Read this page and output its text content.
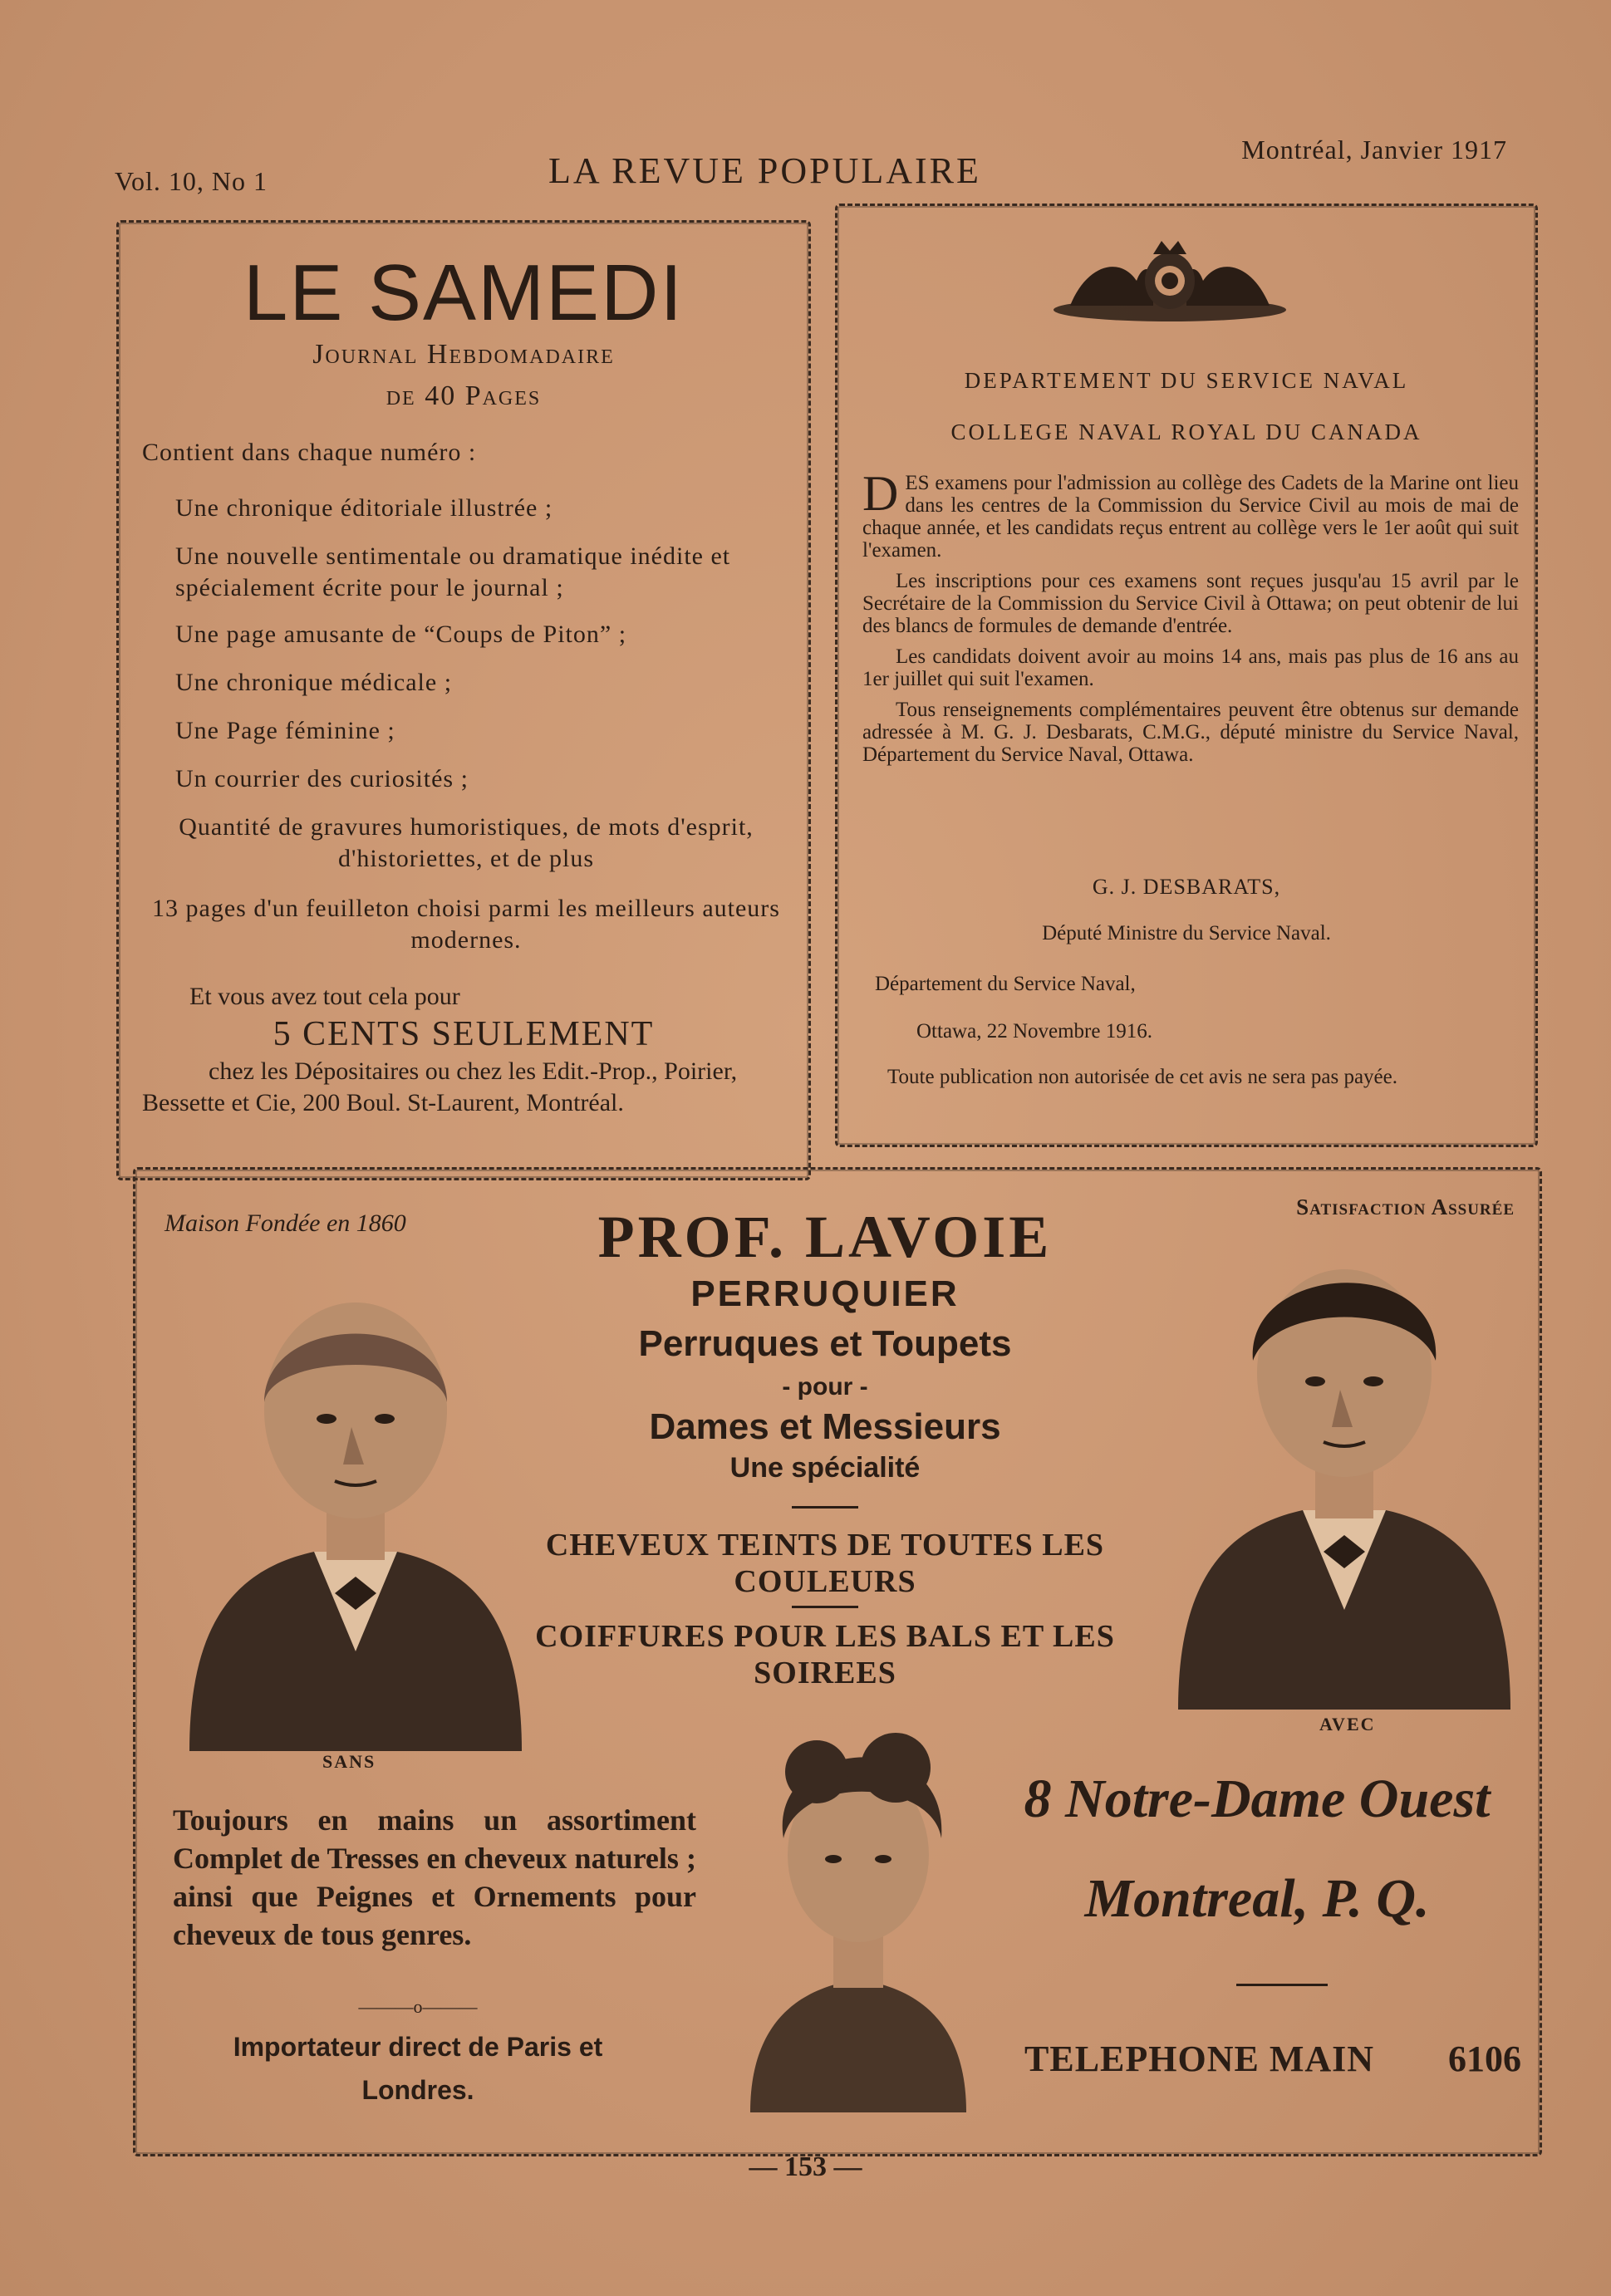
Vol. 10, No 1	LA REVUE POPULAIRE
Montréal, Janvier 1917
LE SAMEDI
Journal Hebdomadaire
de 40 Pages
Contient dans chaque numéro :
Une chronique éditoriale illustrée ;
Une nouvelle sentimentale ou dramatique inédite et spécialement écrite pour le journal ;
Une page amusante de “Coups de Piton” ;
Une chronique médicale ;
Une Page féminine ;
Un courrier des curiosités ;
Quantité de gravures humoristiques, de mots d'esprit, d'historiettes, et de plus
13 pages d'un feuilleton choisi parmi les meilleurs auteurs modernes.
Et vous avez tout cela pour
5 CENTS SEULEMENT
chez les Dépositaires ou chez les Edit.-Prop., Poirier, Bessette et Cie, 200 Boul. St-Laurent, Montréal.
DEPARTEMENT DU SERVICE NAVAL
COLLEGE NAVAL ROYAL DU CANADA

DES examens pour l'admission au collège des Cadets de la Marine ont lieu dans les centres de la Commission du Service Civil au mois de mai de chaque année, et les candidats reçus entrent au collège vers le 1er août qui suit l'examen.

Les inscriptions pour ces examens sont reçues jusqu'au 15 avril par le Secrétaire de la Commission du Service Civil à Ottawa; on peut obtenir de lui des blancs de formules de demande d'entrée.

Les candidats doivent avoir au moins 14 ans, mais pas plus de 16 ans au 1er juillet qui suit l'examen.

Tous renseignements complémentaires peuvent être obtenus sur demande adressée à M. G. J. Desbarats, C.M.G., député ministre du Service Naval, Département du Service Naval, Ottawa.

G. J. DESBARATS,
Député Ministre du Service Naval.
Département du Service Naval,
Ottawa, 22 Novembre 1916.
Toute publication non autorisée de cet avis ne sera pas payée.
Maison Fondée en 1860
Satisfaction Assurée
PROF. LAVOIE
PERRUQUIER
Perruques et Toupets
- pour -
Dames et Messieurs
Une spécialité
CHEVEUX TEINTS DE TOUTES LES COULEURS
COIFFURES POUR LES BALS ET LES SOIREES
SANS
AVEC
Toujours en mains un assortiment Complet de Tresses en cheveux naturels ; ainsi que Peignes et Ornements pour cheveux de tous genres.
———o———
Importateur direct de Paris et Londres.
8 Notre-Dame Ouest
Montreal, P. Q.
TELEPHONE MAIN 6106
— 153 —
